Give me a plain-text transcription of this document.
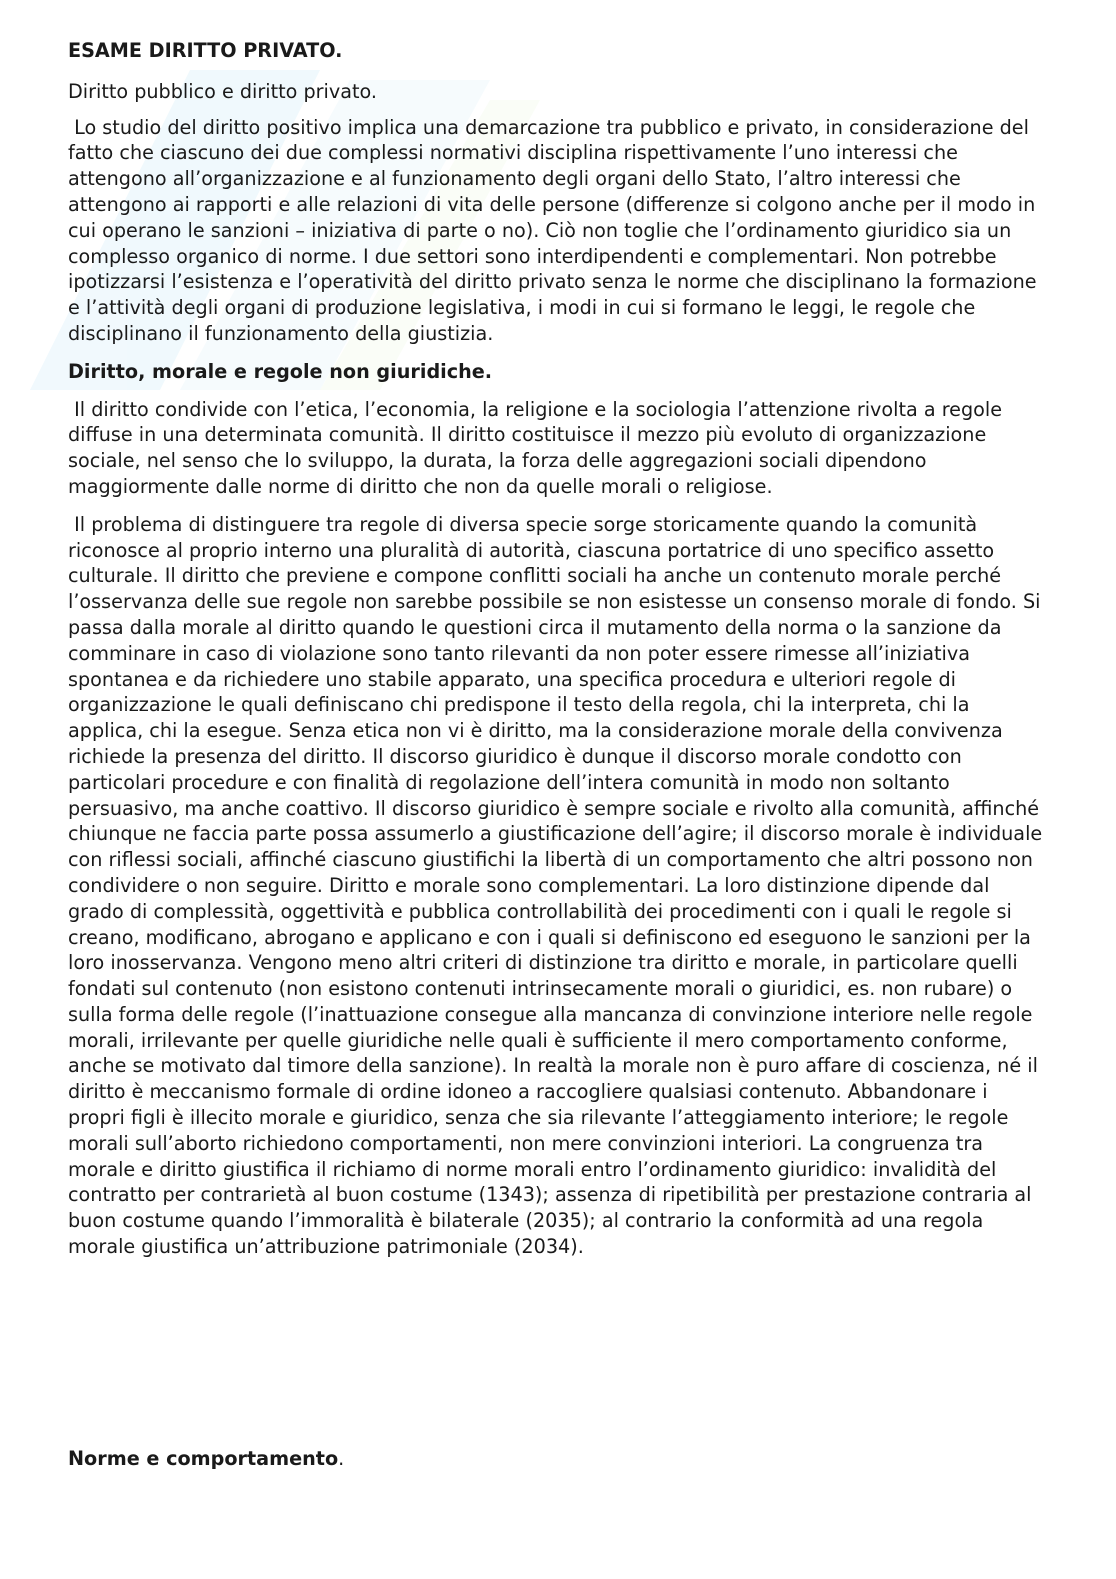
ESAME DIRITTO PRIVATO.

Diritto pubblico e diritto privato.

Lo studio del diritto positivo implica una demarcazione tra pubblico e privato, in considerazione del fatto che ciascuno dei due complessi normativi disciplina rispettivamente l’uno interessi che attengono all’organizzazione e al funzionamento degli organi dello Stato, l’altro interessi che attengono ai rapporti e alle relazioni di vita delle persone (differenze si colgono anche per il modo in cui operano le sanzioni – iniziativa di parte o no). Ciò non toglie che l’ordinamento giuridico sia un complesso organico di norme. I due settori sono interdipendenti e complementari. Non potrebbe ipotizzarsi l’esistenza e l’operatività del diritto privato senza le norme che disciplinano la formazione e l’attività degli organi di produzione legislativa, i modi in cui si formano le leggi, le regole che disciplinano il funzionamento della giustizia.

Diritto, morale e regole non giuridiche.

Il diritto condivide con l’etica, l’economia, la religione e la sociologia l’attenzione rivolta a regole diffuse in una determinata comunità. Il diritto costituisce il mezzo più evoluto di organizzazione sociale, nel senso che lo sviluppo, la durata, la forza delle aggregazioni sociali dipendono maggiormente dalle norme di diritto che non da quelle morali o religiose.

Il problema di distinguere tra regole di diversa specie sorge storicamente quando la comunità riconosce al proprio interno una pluralità di autorità, ciascuna portatrice di uno specifico assetto culturale. Il diritto che previene e compone conflitti sociali ha anche un contenuto morale perché l’osservanza delle sue regole non sarebbe possibile se non esistesse un consenso morale di fondo. Si passa dalla morale al diritto quando le questioni circa il mutamento della norma o la sanzione da comminare in caso di violazione sono tanto rilevanti da non poter essere rimesse all’iniziativa spontanea e da richiedere uno stabile apparato, una specifica procedura e ulteriori regole di organizzazione le quali definiscano chi predispone il testo della regola, chi la interpreta, chi la applica, chi la esegue. Senza etica non vi è diritto, ma la considerazione morale della convivenza richiede la presenza del diritto. Il discorso giuridico è dunque il discorso morale condotto con particolari procedure e con finalità di regolazione dell’intera comunità in modo non soltanto persuasivo, ma anche coattivo. Il discorso giuridico è sempre sociale e rivolto alla comunità, affinché chiunque ne faccia parte possa assumerlo a giustificazione dell’agire; il discorso morale è individuale con riflessi sociali, affinché ciascuno giustifichi la libertà di un comportamento che altri possono non condividere o non seguire. Diritto e morale sono complementari. La loro distinzione dipende dal grado di complessità, oggettività e pubblica controllabilità dei procedimenti con i quali le regole si creano, modificano, abrogano e applicano e con i quali si definiscono ed eseguono le sanzioni per la loro inosservanza. Vengono meno altri criteri di distinzione tra diritto e morale, in particolare quelli fondati sul contenuto (non esistono contenuti intrinsecamente morali o giuridici, es. non rubare) o sulla forma delle regole (l’inattuazione consegue alla mancanza di convinzione interiore nelle regole morali, irrilevante per quelle giuridiche nelle quali è sufficiente il mero comportamento conforme, anche se motivato dal timore della sanzione). In realtà la morale non è puro affare di coscienza, né il diritto è meccanismo formale di ordine idoneo a raccogliere qualsiasi contenuto. Abbandonare i propri figli è illecito morale e giuridico, senza che sia rilevante l’atteggiamento interiore; le regole morali sull’aborto richiedono comportamenti, non mere convinzioni interiori. La congruenza tra morale e diritto giustifica il richiamo di norme morali entro l’ordinamento giuridico: invalidità del contratto per contrarietà al buon costume (1343); assenza di ripetibilità per prestazione contraria al buon costume quando l’immoralità è bilaterale (2035); al contrario la conformità ad una regola morale giustifica un’attribuzione patrimoniale (2034).

Norme e comportamento.
